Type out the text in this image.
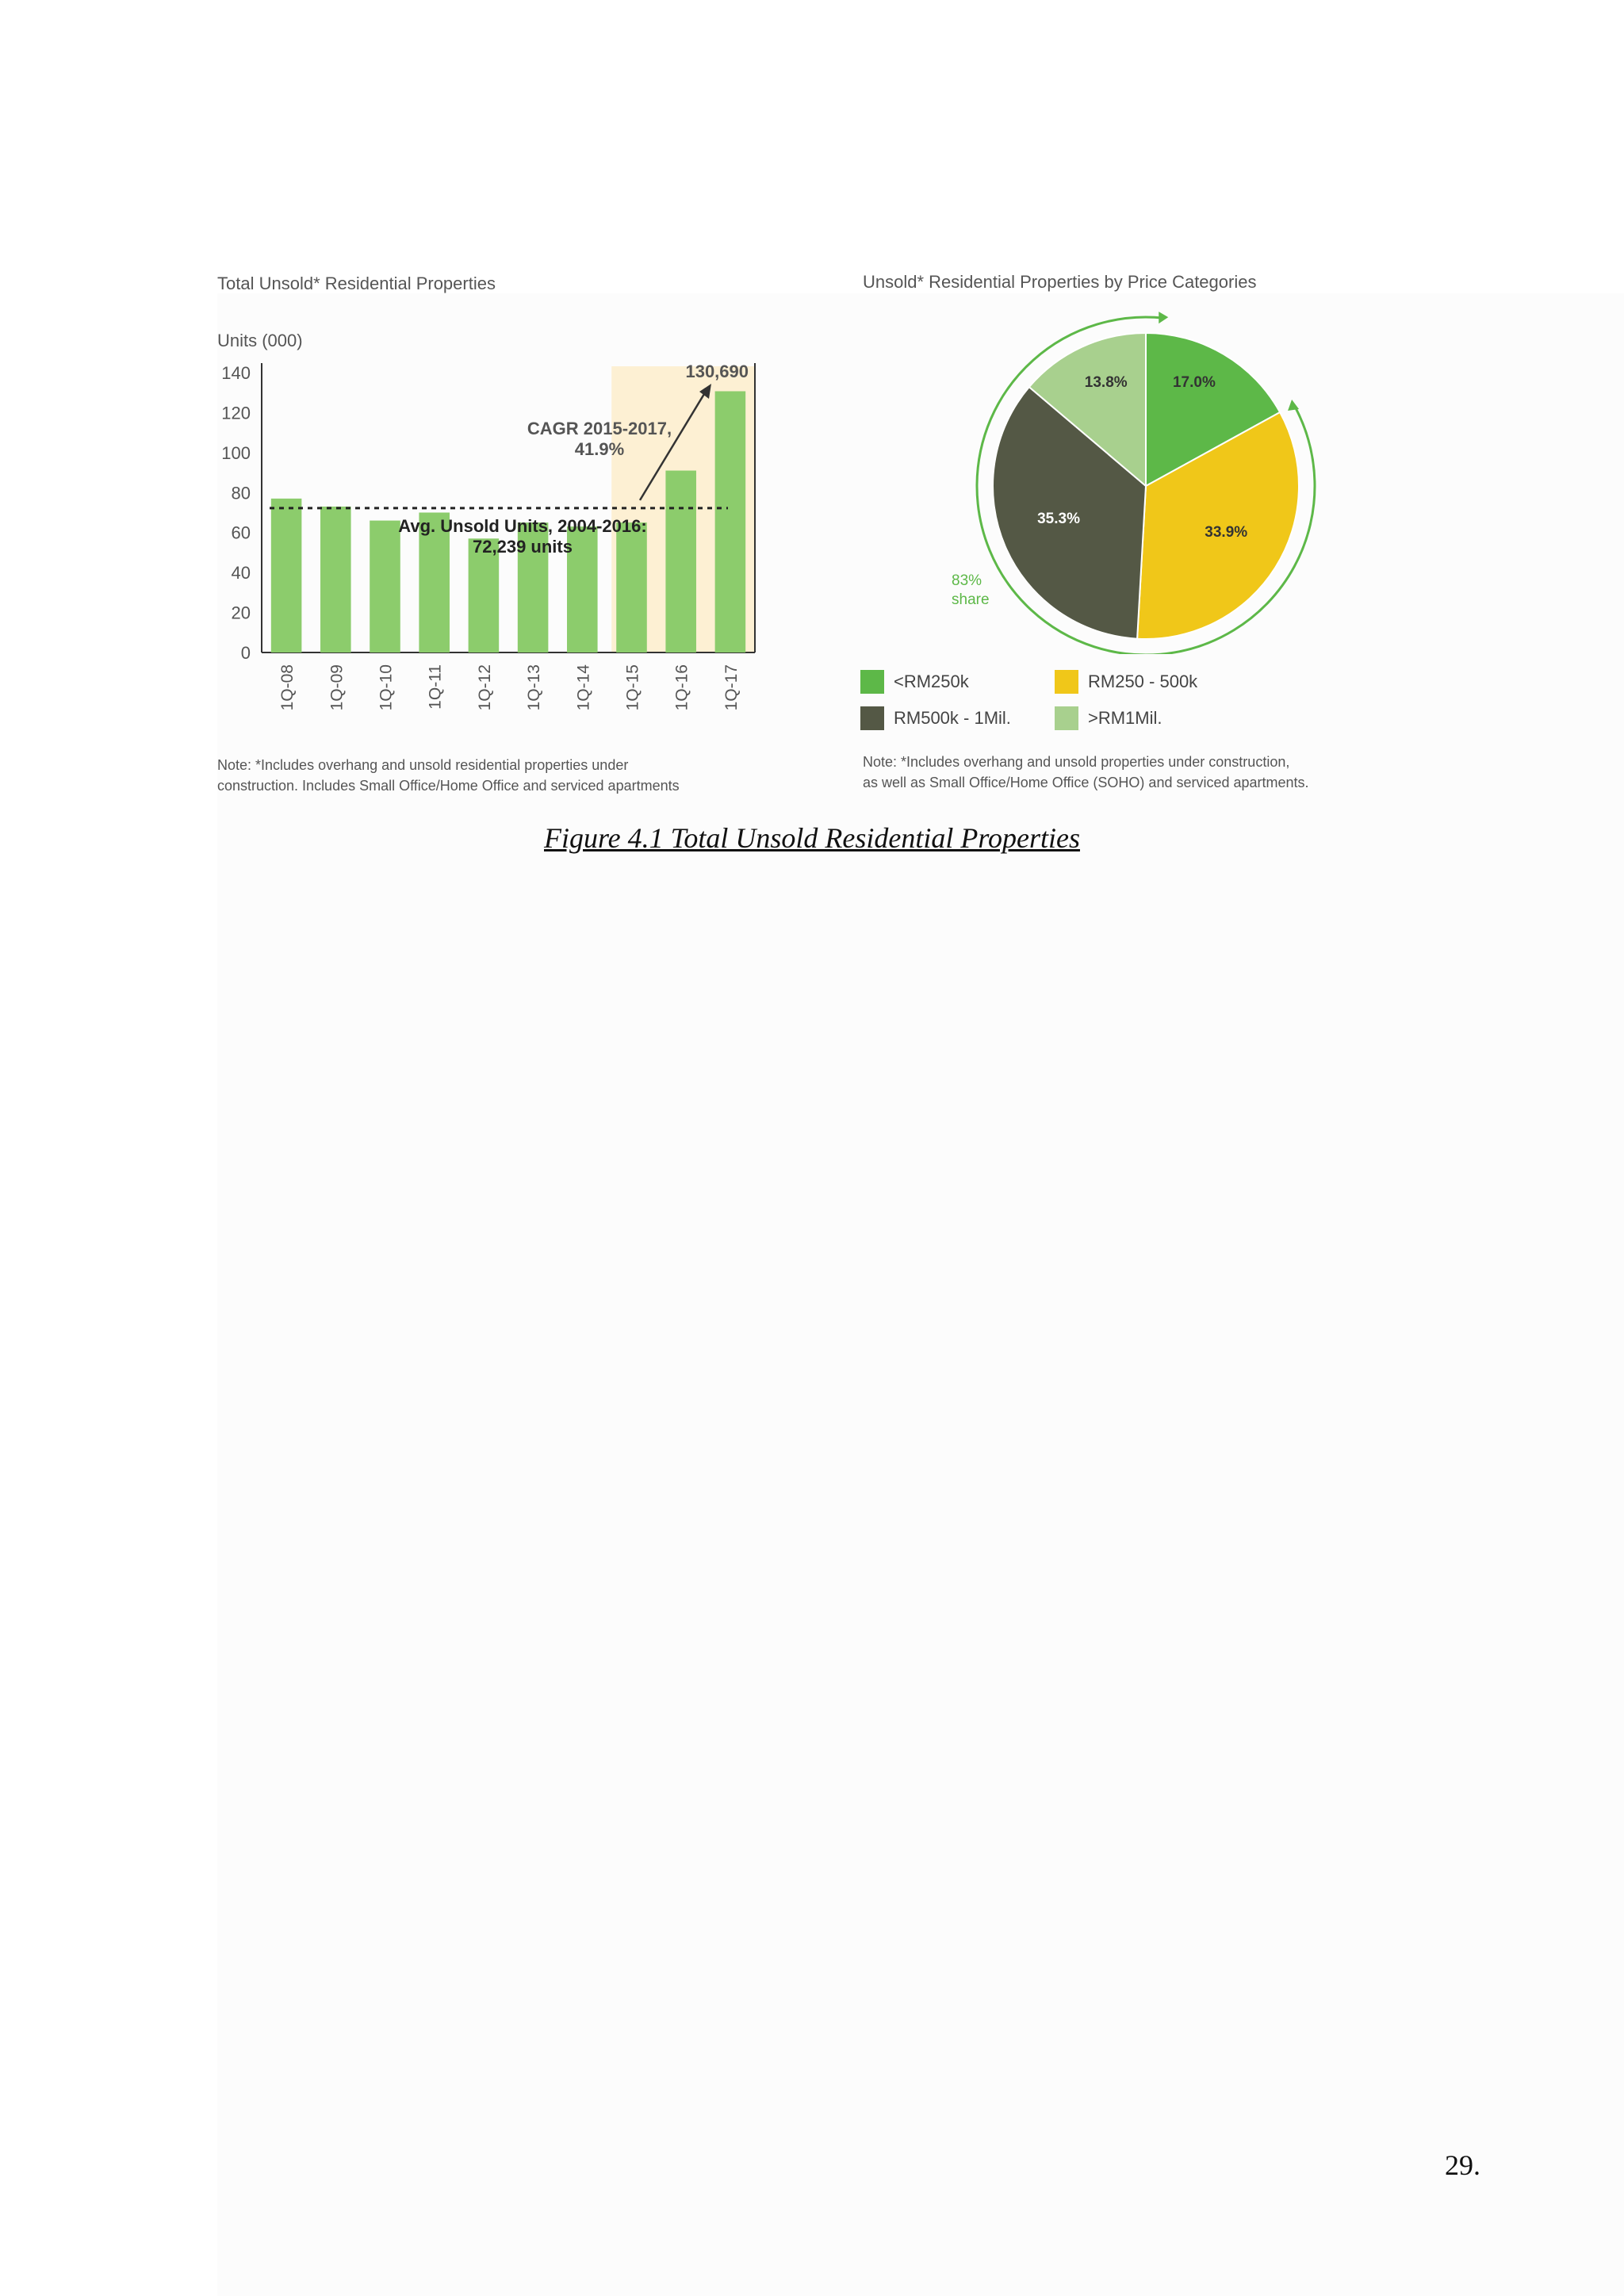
Total Unsold* Residential Properties
Units (000)
0
20
40
60
80
100
120
140
1Q-08 1Q-09 1Q-10 1Q-11 1Q-12 1Q-13 1Q-14 1Q-15 1Q-16 1Q-17
Avg. Unsold Units, 2004-2016: 72,239 units
CAGR 2015-2017, 41.9%
130,690
Note: *Includes overhang and unsold residential properties under
construction. Includes Small Office/Home Office and serviced apartments
Unsold* Residential Properties by Price Categories
17.0%
33.9%
35.3%
13.8%
83% share
<RM250k	RM250 - 500k
RM500k - 1Mil.	>RM1Mil.
Note: *Includes overhang and unsold properties under construction,
as well as Small Office/Home Office (SOHO) and serviced apartments.
Figure 4.1 Total Unsold Residential Properties
29.
